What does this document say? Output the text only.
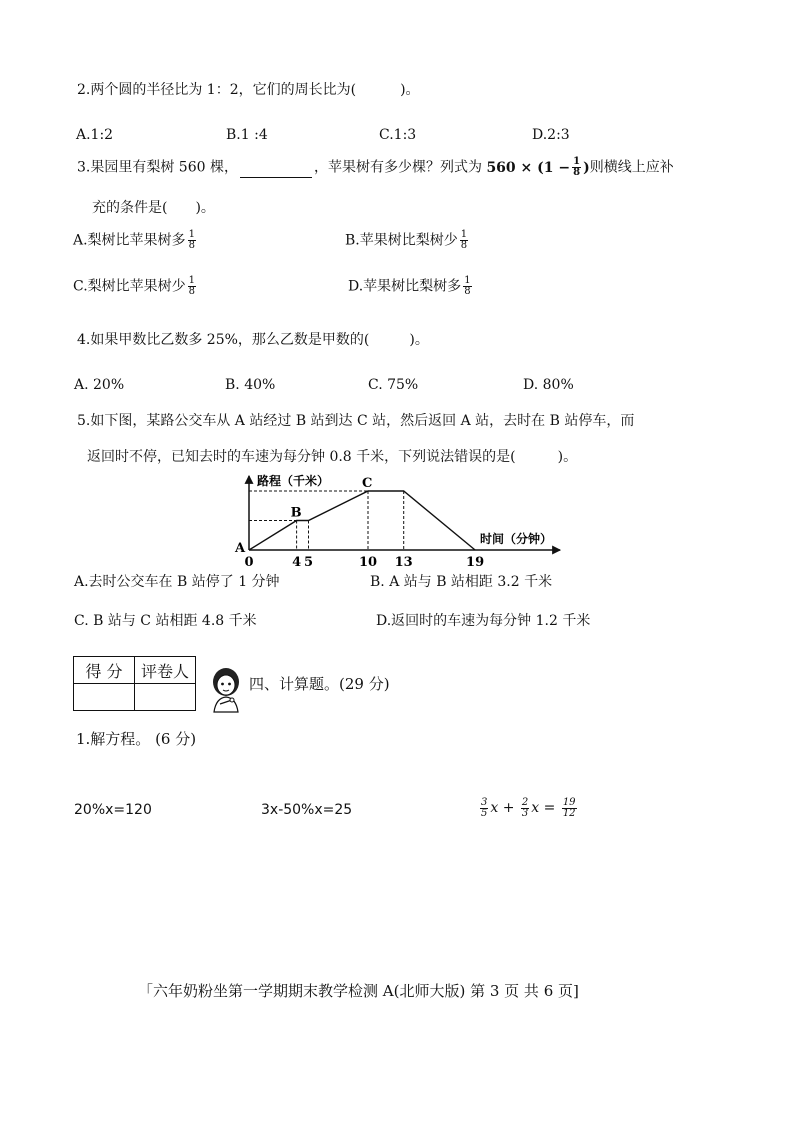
2.两个圆的半径比为 1：2，它们的周长比为(	)。
A.1:2	B.1 :4	C.1:3	D.2:3
3.果园里有梨树 560 棵，	，苹果树有多少棵？列式为 $560 \times (1 - \frac{1}{8}$ )则横线上应补
充的条件是(　　)。
A.梨树比苹果树多 $\frac{1}{8}$	B.苹果树比梨树少 $\frac{1}{8}$
C.梨树比苹果树少 $\frac{1}{8}$	D.苹果树比梨树多 $\frac{1}{8}$
4.如果甲数比乙数多 25%，那么乙数是甲数的(	)。
A. 20%	B. 40%	C. 75%	D. 80%
5.如下图，某路公交车从 A 站经过 B 站到达 C 站，然后返回 A 站，去时在 B 站停车，而
返回时不停，已知去时的车速为每分钟 0.8 千米，下列说法错误的是(　　　)。
路程（千米）
时间（分钟）
0	4 5	10 13	19
A
B
C
A.去时公交车在 B 站停了 1 分钟	B. A 站与 B 站相距 3.2 千米
C. B 站与 C 站相距 4.8 千米	D.返回时的车速为每分钟 1.2 千米
得 分	评卷人

四、计算题。(29 分)
1.解方程。 (6 分)
20%x=120	3x-50%x=25	$\frac{3}{5}$ $x + \frac{2}{3}$ $x = \frac{19}{12}$
「六年奶粉坐第一学期期末教学检测 A(北师大版) 第 3 页 共 6 页]
